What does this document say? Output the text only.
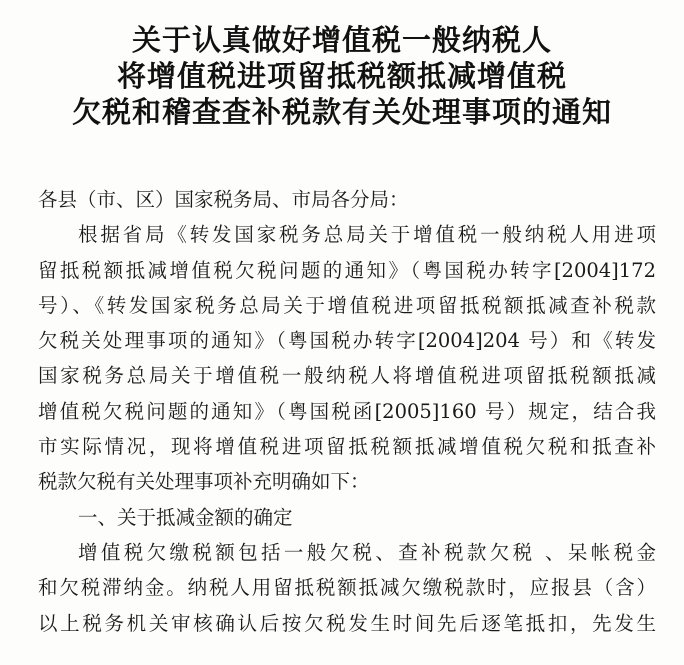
关于认真做好增值税一般纳税人
将增值税进项留抵税额抵减增值税
欠税和稽查查补税款有关处理事项的通知
各县（市、区）国家税务局、市局各分局：
根据省局《转发国家税务总局关于增值税一般纳税人用进项
留抵税额抵减增值税欠税问题的通知》（粤国税办转字[2004]172
号）、《转发国家税务总局关于增值税进项留抵税额抵减查补税款
欠税关处理事项的通知》（粤国税办转字[2004]204 号）和《转发
国家税务总局关于增值税一般纳税人将增值税进项留抵税额抵减
增值税欠税问题的通知》（粤国税函[2005]160 号）规定，结合我
市实际情况，现将增值税进项留抵税额抵减增值税欠税和抵查补
税款欠税有关处理事项补充明确如下：
一、关于抵减金额的确定
增值税欠缴税额包括一般欠税、查补税款欠税 、呆帐税金
和欠税滞纳金。纳税人用留抵税额抵减欠缴税款时，应报县（含）
以上税务机关审核确认后按欠税发生时间先后逐笔抵扣，先发生
